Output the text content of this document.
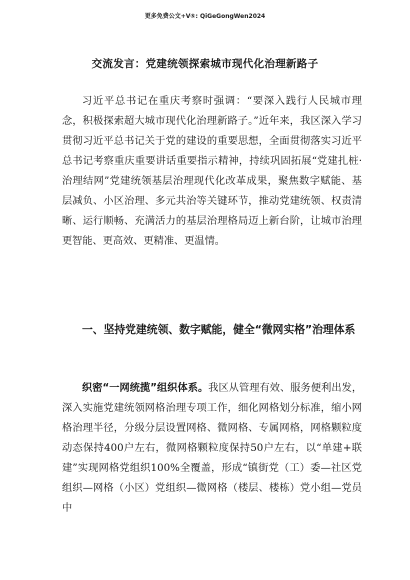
更多免费公文+V⑤: QiGeGongWen2024
交流发言：党建统领探索城市现代化治理新路子

习近平总书记在重庆考察时强调：“要深入践行人民城市理念，积极探索超大城市现代化治理新路子。”近年来，我区深入学习贯彻习近平总书记关于党的建设的重要思想，全面贯彻落实习近平总书记考察重庆重要讲话重要指示精神，持续巩固拓展“党建扎桩·治理结网”党建统领基层治理现代化改革成果，聚焦数字赋能、基层减负、小区治理、多元共治等关键环节，推动党建统领、权责清晰、运行顺畅、充满活力的基层治理格局迈上新台阶，让城市治理更智能、更高效、更精准、更温情。

一、坚持党建统领、数字赋能，健全“微网实格”治理体系

织密“一网统揽”组织体系。我区从管理有效、服务便利出发，深入实施党建统领网格治理专项工作，细化网格划分标准，缩小网格治理半径，分级分层设置网格、微网格、专属网格，网格颗粒度动态保持400户左右，微网格颗粒度保持50户左右，以“单建+联建”实现网格党组织100%全覆盖，形成“镇街党（工）委—社区党组织—网格（小区）党组织—微网格（楼层、楼栋）党小组—党员中
